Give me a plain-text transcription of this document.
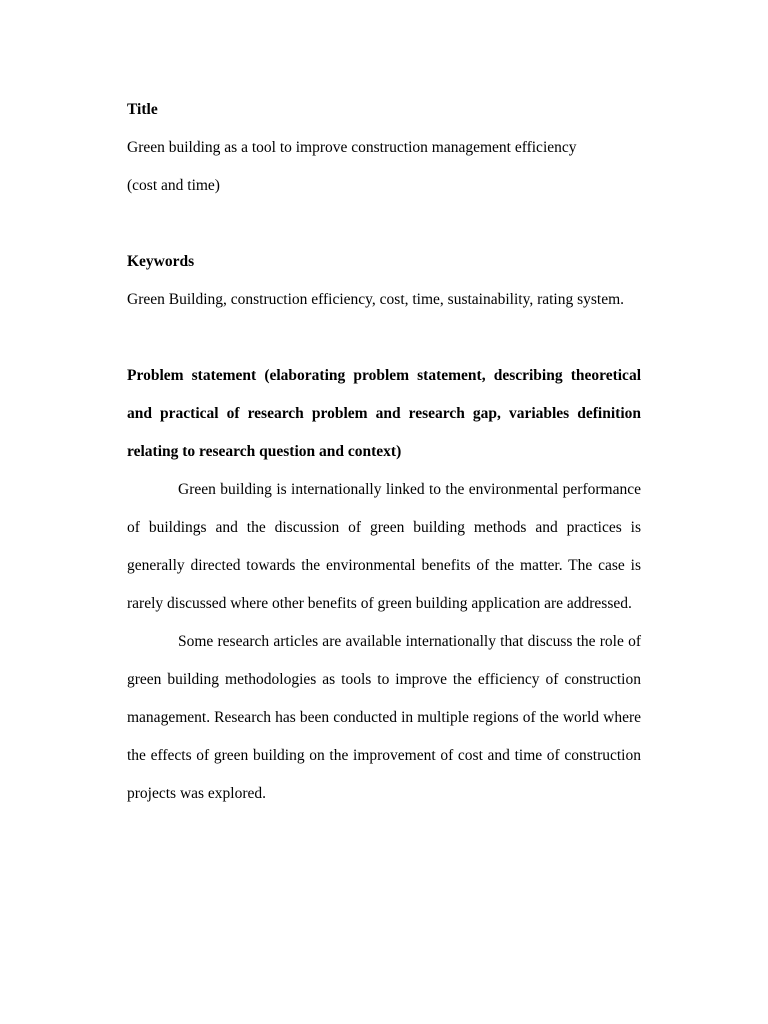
Title

Green building as a tool to improve construction management efficiency

(cost and time)

Keywords

Green Building, construction efficiency, cost, time, sustainability, rating system.

Problem statement (elaborating problem statement, describing theoretical and practical of research problem and research gap, variables definition relating to research question and context)

Green building is internationally linked to the environmental performance of buildings and the discussion of green building methods and practices is generally directed towards the environmental benefits of the matter. The case is rarely discussed where other benefits of green building application are addressed.

Some research articles are available internationally that discuss the role of green building methodologies as tools to improve the efficiency of construction management. Research has been conducted in multiple regions of the world where the effects of green building on the improvement of cost and time of construction projects was explored.
